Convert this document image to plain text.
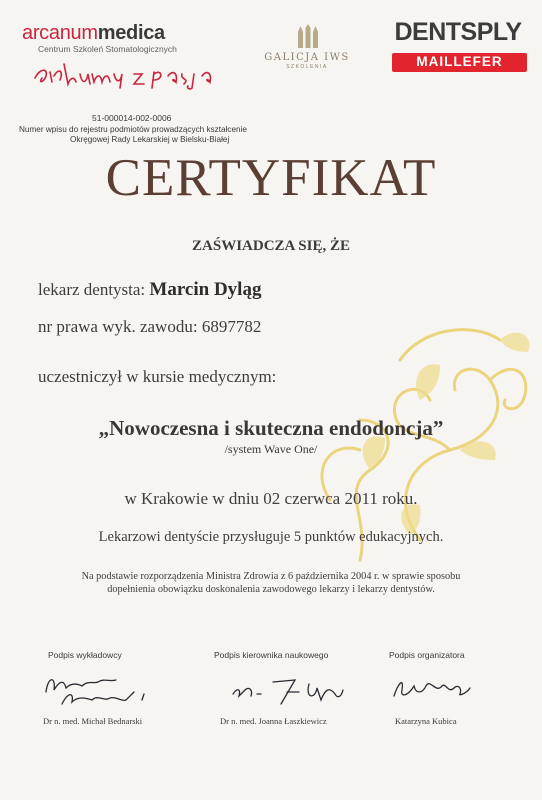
arcanummedica
Centrum Szkoleń Stomatologicznych
GALICJA IWS
SZKOLENIA
DENTSPLY
MAILLEFER
51-000014-002-0006
Numer wpisu do rejestru podmiotów prowadzących kształcenie
Okręgowej Rady Lekarskiej w Bielsku-Białej
CERTYFIKAT
ZAŚWIADCZA SIĘ, ŻE
lekarz dentysta: Marcin Dyląg
nr prawa wyk. zawodu: 6897782
uczestniczył w kursie medycznym:
„Nowoczesna i skuteczna endodoncja”
/system Wave One/
w Krakowie w dniu 02 czerwca 2011 roku.
Lekarzowi dentyście przysługuje 5 punktów edukacyjnych.
Na podstawie rozporządzenia Ministra Zdrowia z 6 października 2004 r. w sprawie sposobu
dopełnienia obowiązku doskonalenia zawodowego lekarzy i lekarzy dentystów.
Podpis wykładowcy	Podpis kierownika naukowego	Podpis organizatora
Dr n. med. Michał Bednarski	Dr n. med. Joanna Łaszkiewicz	Katarzyna Kubica
